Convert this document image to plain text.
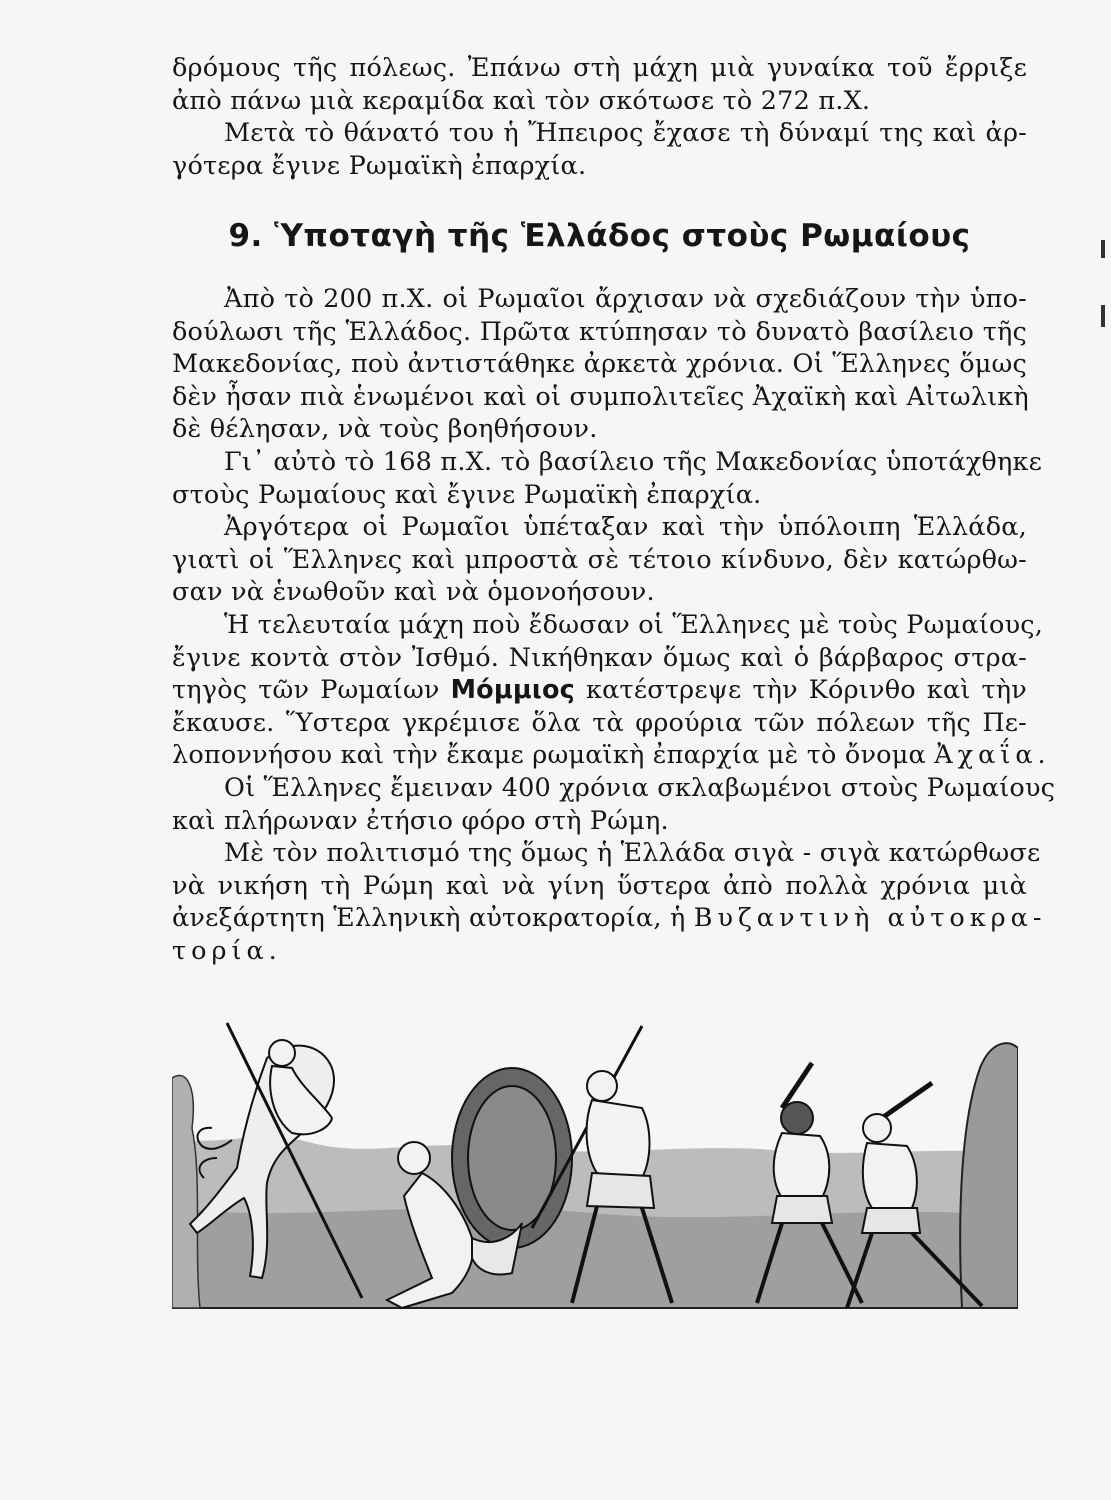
δρόμους τῆς πόλεως. Ἐπάνω στὴ μάχη μιὰ γυναίκα τοῦ ἔρριξε
ἀπὸ πάνω μιὰ κεραμίδα καὶ τὸν σκότωσε τὸ 272 π.Χ.
Μετὰ τὸ θάνατό του ἡ Ἤπειρος ἔχασε τὴ δύναμί της καὶ ἀρ-
γότερα ἔγινε Ρωμαϊκὴ ἐπαρχία.
9. Ὑποταγὴ τῆς Ἑλλάδος στοὺς Ρωμαίους
Ἀπὸ τὸ 200 π.Χ. οἱ Ρωμαῖοι ἄρχισαν νὰ σχεδιάζουν τὴν ὑπο-
δούλωσι τῆς Ἑλλάδος. Πρῶτα κτύπησαν τὸ δυνατὸ βασίλειο τῆς
Μακεδονίας, ποὺ ἀντιστάθηκε ἀρκετὰ χρόνια. Οἱ Ἕλληνες ὅμως
δὲν ἦσαν πιὰ ἑνωμένοι καὶ οἱ συμπολιτεῖες Ἀχαϊκὴ καὶ Αἰτωλικὴ
δὲ θέλησαν, νὰ τοὺς βοηθήσουν.
Γι᾽ αὐτὸ τὸ 168 π.Χ. τὸ βασίλειο τῆς Μακεδονίας ὑποτάχθηκε
στοὺς Ρωμαίους καὶ ἔγινε Ρωμαϊκὴ ἐπαρχία.
Ἀργότερα οἱ Ρωμαῖοι ὑπέταξαν καὶ τὴν ὑπόλοιπη Ἑλλάδα,
γιατὶ οἱ Ἕλληνες καὶ μπροστὰ σὲ τέτοιο κίνδυνο, δὲν κατώρθω-
σαν νὰ ἑνωθοῦν καὶ νὰ ὁμονοήσουν.
Ἡ τελευταία μάχη ποὺ ἔδωσαν οἱ Ἕλληνες μὲ τοὺς Ρωμαίους,
ἔγινε κοντὰ στὸν Ἰσθμό. Νικήθηκαν ὅμως καὶ ὁ βάρβαρος στρα-
τηγὸς τῶν Ρωμαίων Μόμμιος κατέστρεψε τὴν Κόρινθο καὶ τὴν
ἔκαυσε. Ὕστερα γκρέμισε ὅλα τὰ φρούρια τῶν πόλεων τῆς Πε-
λοποννήσου καὶ τὴν ἔκαμε ρωμαϊκὴ ἐπαρχία μὲ τὸ ὄνομα Ἀχαΐα.
Οἱ Ἕλληνες ἔμειναν 400 χρόνια σκλαβωμένοι στοὺς Ρωμαίους
καὶ πλήρωναν ἐτήσιο φόρο στὴ Ρώμη.
Μὲ τὸν πολιτισμό της ὅμως ἡ Ἑλλάδα σιγὰ - σιγὰ κατώρθωσε
νὰ νικήση τὴ Ρώμη καὶ νὰ γίνη ὕστερα ἀπὸ πολλὰ χρόνια μιὰ
ἀνεξάρτητη Ἑλληνικὴ αὐτοκρατορία, ἡ Βυζαντινὴ αὐτοκρα-
τορία.
